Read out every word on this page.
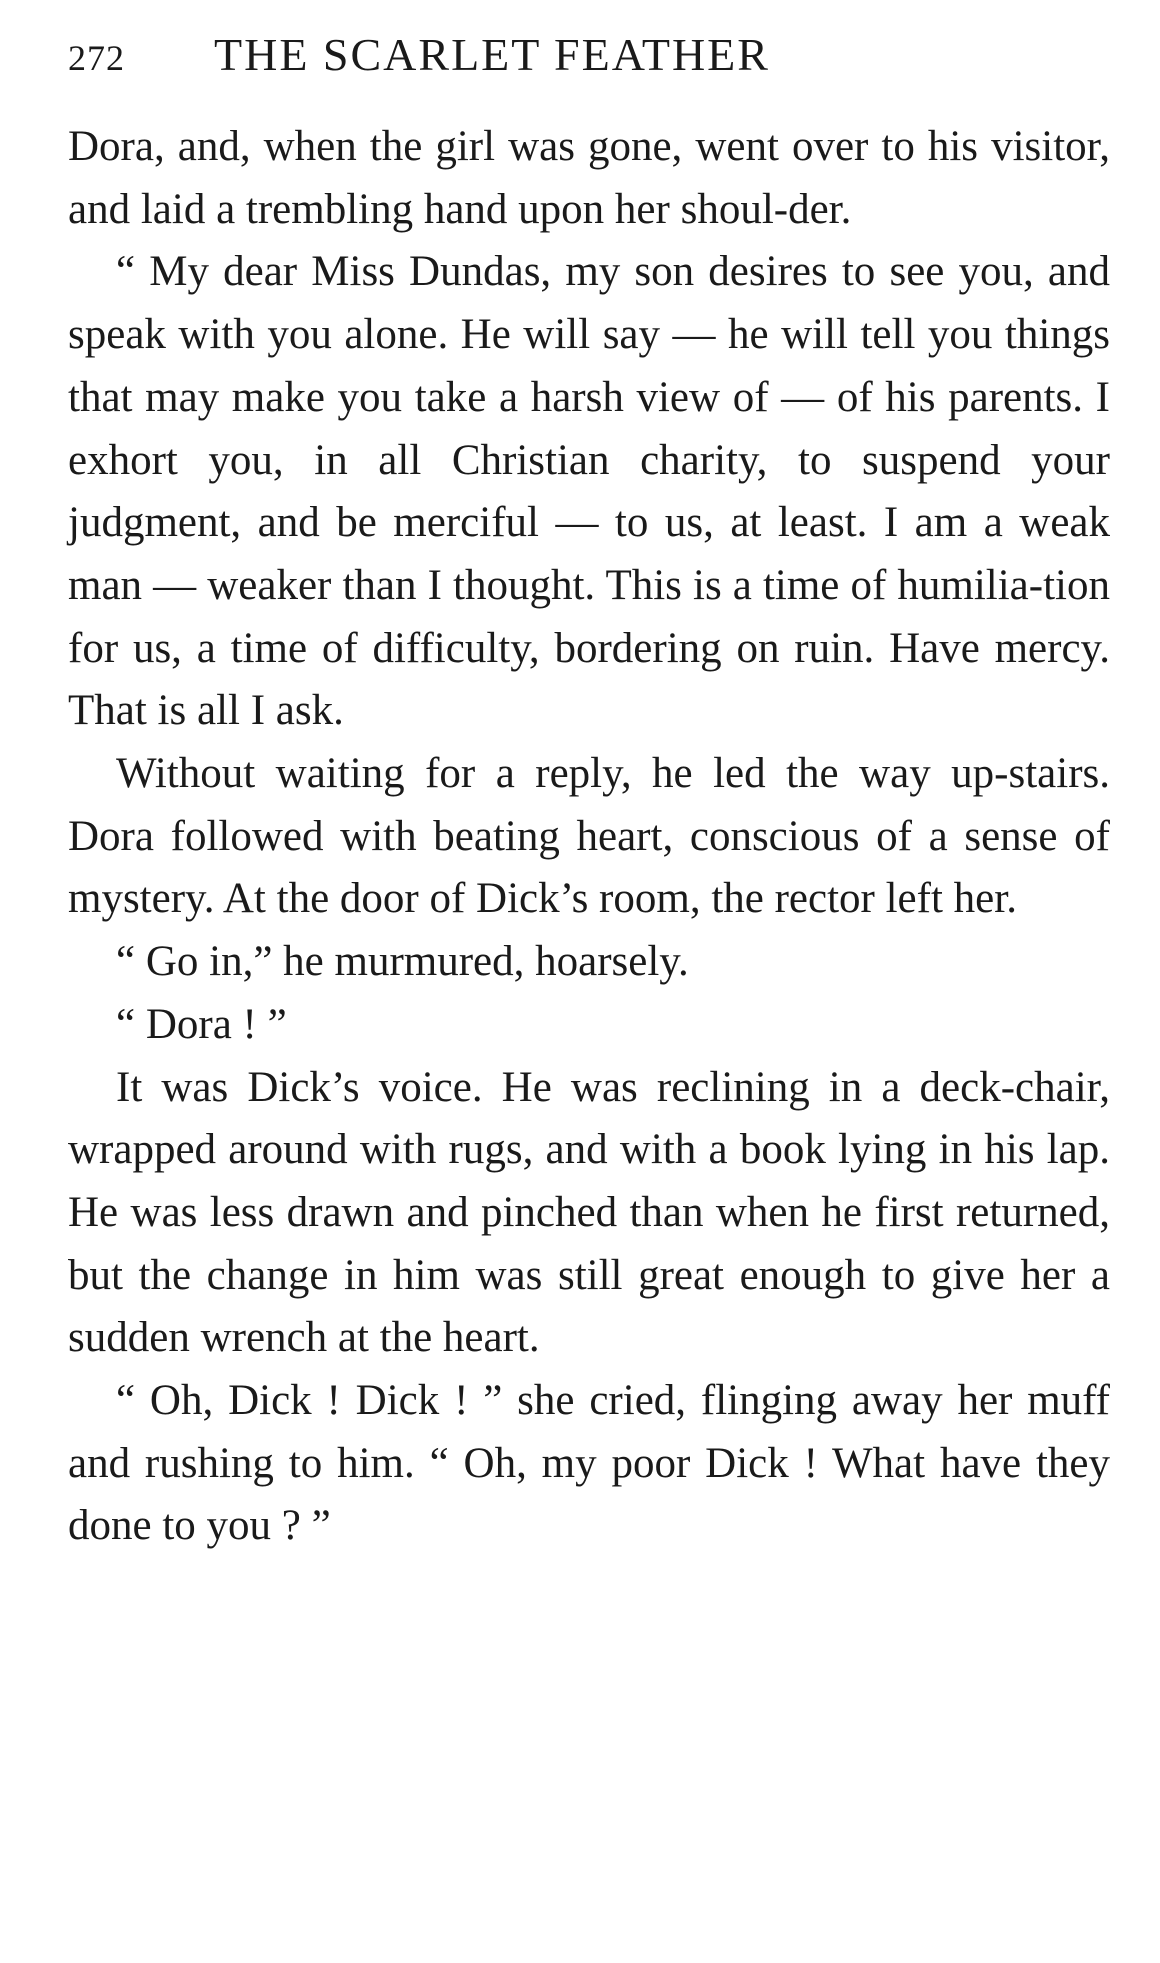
272	THE SCARLET FEATHER

Dora, and, when the girl was gone, went over to his visitor, and laid a trembling hand upon her shoul-der.

“ My dear Miss Dundas, my son desires to see you, and speak with you alone. He will say — he will tell you things that may make you take a harsh view of — of his parents. I exhort you, in all Christian charity, to suspend your judgment, and be merciful — to us, at least. I am a weak man — weaker than I thought. This is a time of humilia-tion for us, a time of difficulty, bordering on ruin. Have mercy. That is all I ask.

Without waiting for a reply, he led the way up-stairs. Dora followed with beating heart, conscious of a sense of mystery. At the door of Dick’s room, the rector left her.

“ Go in,” he murmured, hoarsely.

“ Dora ! ”

It was Dick’s voice. He was reclining in a deck-chair, wrapped around with rugs, and with a book lying in his lap. He was less drawn and pinched than when he first returned, but the change in him was still great enough to give her a sudden wrench at the heart.

“ Oh, Dick ! Dick ! ” she cried, flinging away her muff and rushing to him. “ Oh, my poor Dick ! What have they done to you ? ”
